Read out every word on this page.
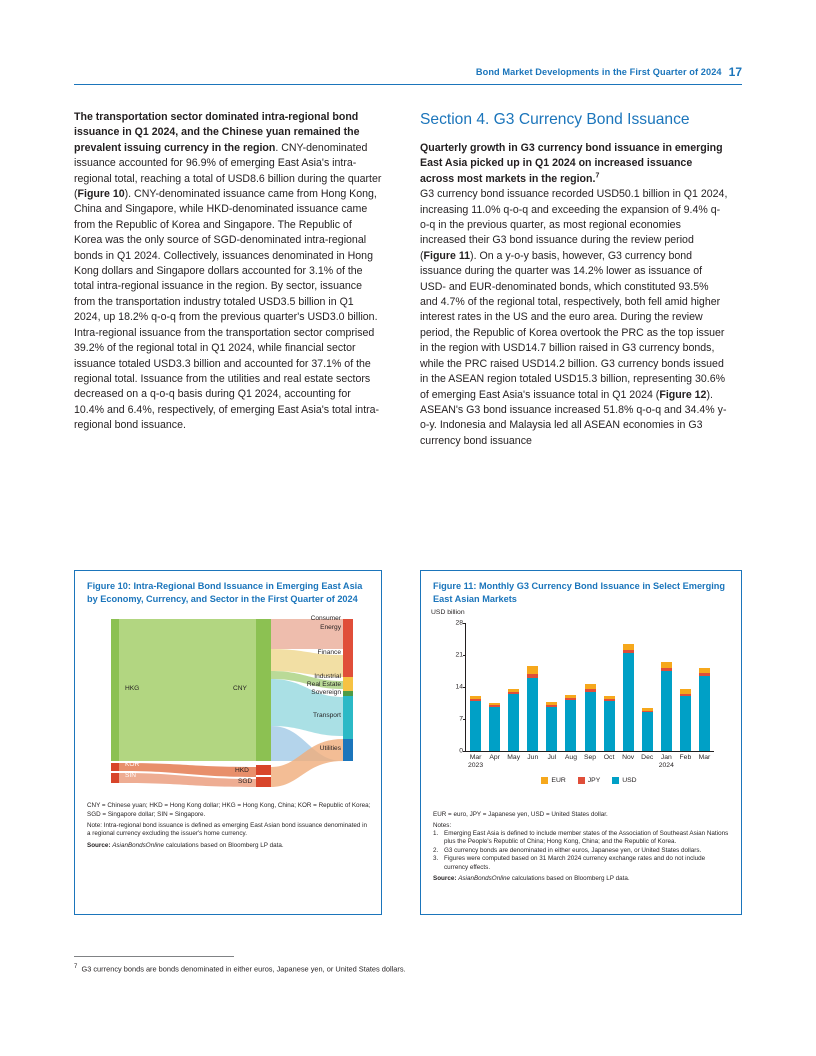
Bond Market Developments in the First Quarter of 2024 17

The transportation sector dominated intra-regional bond issuance in Q1 2024, and the Chinese yuan remained the prevalent issuing currency in the region. CNY-denominated issuance accounted for 96.9% of emerging East Asia's intra-regional total, reaching a total of USD8.6 billion during the quarter (Figure 10). CNY-denominated issuance came from Hong Kong, China and Singapore, while HKD-denominated issuance came from the Republic of Korea and Singapore. The Republic of Korea was the only source of SGD-denominated intra-regional bonds in Q1 2024. Collectively, issuances denominated in Hong Kong dollars and Singapore dollars accounted for 3.1% of the total intra-regional issuance in the region. By sector, issuance from the transportation industry totaled USD3.5 billion in Q1 2024, up 18.2% q-o-q from the previous quarter's USD3.0 billion. Intra-regional issuance from the transportation sector comprised 39.2% of the regional total in Q1 2024, while financial sector issuance totaled USD3.3 billion and accounted for 37.1% of the regional total. Issuance from the utilities and real estate sectors decreased on a q-o-q basis during Q1 2024, accounting for 10.4% and 6.4%, respectively, of emerging East Asia's total intra-regional bond issuance.

Section 4. G3 Currency Bond Issuance

Quarterly growth in G3 currency bond issuance in emerging East Asia picked up in Q1 2024 on increased issuance across most markets in the region.$^7$
G3 currency bond issuance recorded USD50.1 billion in Q1 2024, increasing 11.0% q-o-q and exceeding the expansion of 9.4% q-o-q in the previous quarter, as most regional economies increased their G3 bond issuance during the review period (Figure 11). On a y-o-y basis, however, G3 currency bond issuance during the quarter was 14.2% lower as issuance of USD- and EUR-denominated bonds, which constituted 93.5% and 4.7% of the regional total, respectively, both fell amid higher interest rates in the US and the euro area. During the review period, the Republic of Korea overtook the PRC as the top issuer in the region with USD14.7 billion raised in G3 currency bonds, while the PRC raised USD14.2 billion. G3 currency bonds issued in the ASEAN region totaled USD15.3 billion, representing 30.6% of emerging East Asia's issuance total in Q1 2024 (Figure 12). ASEAN's G3 bond issuance increased 51.8% q-o-q and 34.4% y-o-y. Indonesia and Malaysia led all ASEAN economies in G3 currency bond issuance

Figure 10: Intra-Regional Bond Issuance in Emerging East Asia by Economy, Currency, and Sector in the First Quarter of 2024
HKG
KOR
SIN
CNY
HKD
SGD
Consumer
Energy
Finance
Industrial
Real Estate
Sovereign
Transport
Utilities
CNY = Chinese yuan; HKD = Hong Kong dollar; HKG = Hong Kong, China; KOR = Republic of Korea; SGD = Singapore dollar; SIN = Singapore.
Note: Intra-regional bond issuance is defined as emerging East Asian bond issuance denominated in a regional currency excluding the issuer's home currency.
Source: AsianBondsOnline calculations based on Bloomberg LP data.
Figure 11: Monthly G3 Currency Bond Issuance in Select Emerging East Asian Markets
USD billion
0
7
14
21
28
Mar	Apr	May	Jun	Jul	Aug	Sep	Oct	Nov	Dec	Jan	Feb	Mar
2023	2024
EUR	JPY	USD
EUR = euro, JPY = Japanese yen, USD = United States dollar.
Notes:
1. Emerging East Asia is defined to include member states of the Association of Southeast Asian Nations plus the People's Republic of China; Hong Kong, China; and the Republic of Korea.
2. G3 currency bonds are denominated in either euros, Japanese yen, or United States dollars.
3. Figures were computed based on 31 March 2024 currency exchange rates and do not include currency effects.
Source: AsianBondsOnline calculations based on Bloomberg LP data.
$^7$ G3 currency bonds are bonds denominated in either euros, Japanese yen, or United States dollars.
